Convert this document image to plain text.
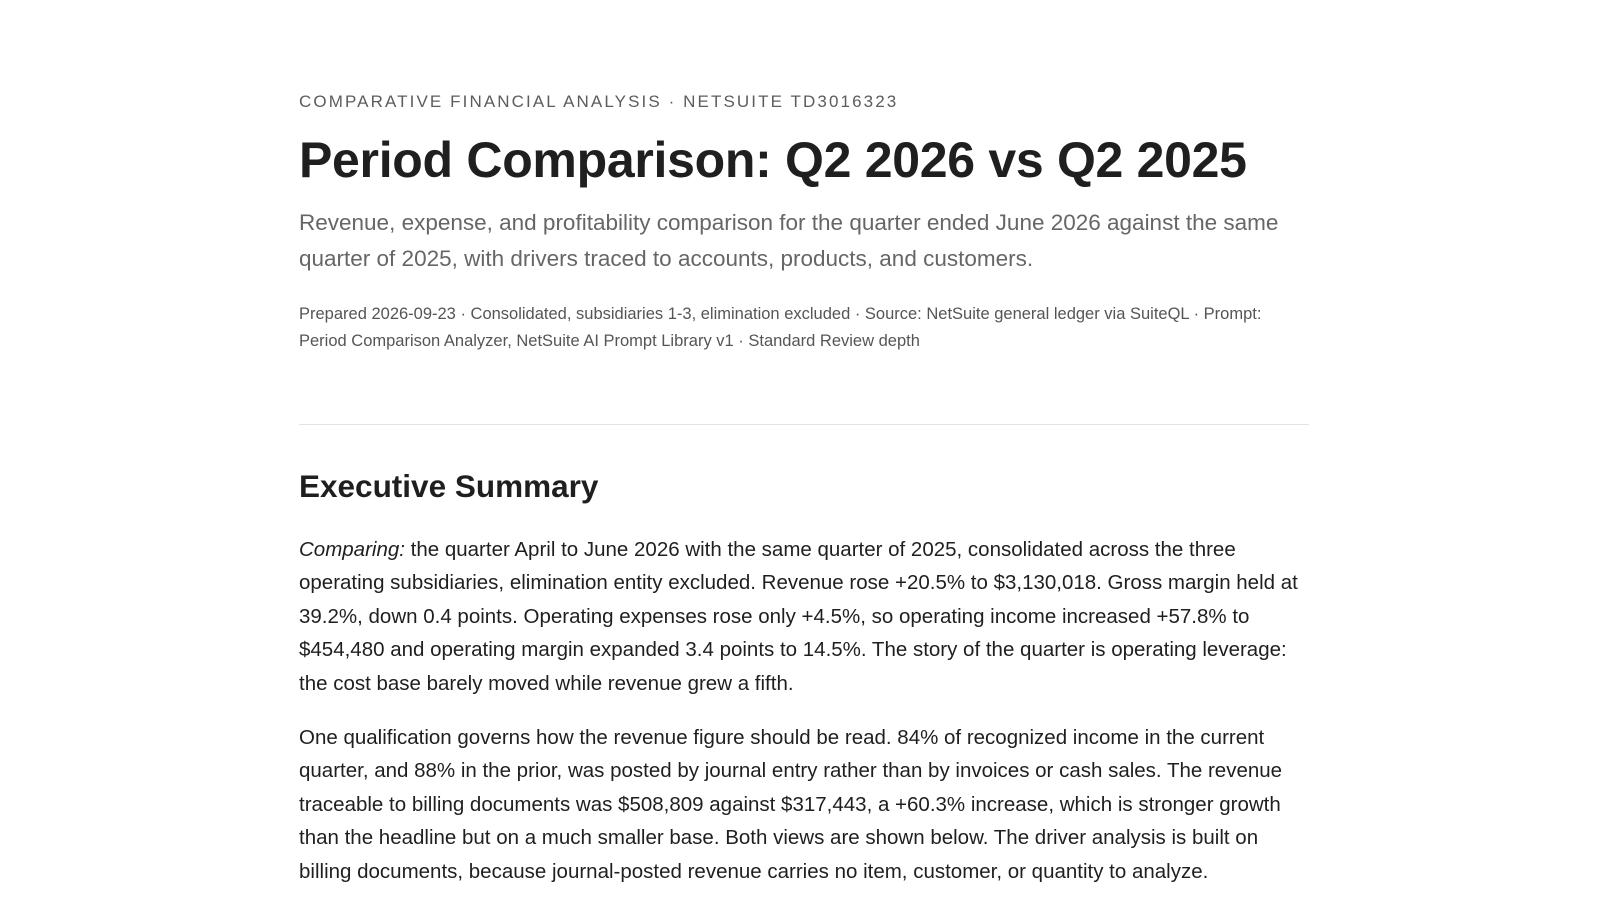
COMPARATIVE FINANCIAL ANALYSIS · NETSUITE TD3016323
Period Comparison: Q2 2026 vs Q2 2025

Revenue, expense, and profitability comparison for the quarter ended June 2026 against the same quarter of 2025, with drivers traced to accounts, products, and customers.

Prepared 2026-09-23 · Consolidated, subsidiaries 1-3, elimination excluded · Source: NetSuite general ledger via SuiteQL · Prompt: Period Comparison Analyzer, NetSuite AI Prompt Library v1 · Standard Review depth

Executive Summary

Comparing: the quarter April to June 2026 with the same quarter of 2025, consolidated across the three operating subsidiaries, elimination entity excluded. Revenue rose +20.5% to $3,130,018. Gross margin held at 39.2%, down 0.4 points. Operating expenses rose only +4.5%, so operating income increased +57.8% to $454,480 and operating margin expanded 3.4 points to 14.5%. The story of the quarter is operating leverage: the cost base barely moved while revenue grew a fifth.

One qualification governs how the revenue figure should be read. 84% of recognized income in the current quarter, and 88% in the prior, was posted by journal entry rather than by invoices or cash sales. The revenue traceable to billing documents was $508,809 against $317,443, a +60.3% increase, which is stronger growth than the headline but on a much smaller base. Both views are shown below. The driver analysis is built on billing documents, because journal-posted revenue carries no item, customer, or quantity to analyze.
